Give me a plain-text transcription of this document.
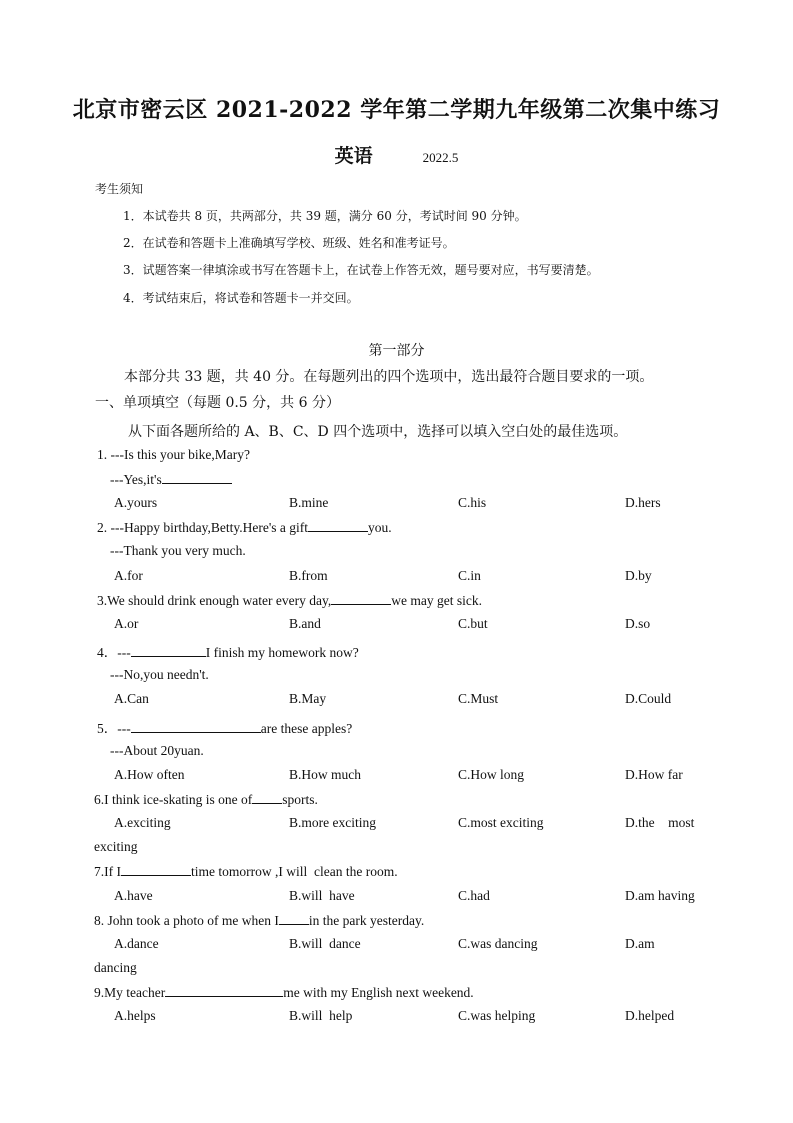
北京市密云区 2021-2022 学年第二学期九年级第二次集中练习
英语	2022.5
考生须知
1．本试卷共 8 页，共两部分，共 39 题，满分 60 分，考试时间 90 分钟。
2．在试卷和答题卡上准确填写学校、班级、姓名和准考证号。
3．试题答案一律填涂或书写在答题卡上，在试卷上作答无效，题号要对应，书写要清楚。
4．考试结束后，将试卷和答题卡一并交回。
第一部分
本部分共 33 题，共 40 分。在每题列出的四个选项中，选出最符合题目要求的一项。
一、单项填空（每题 0.5 分，共 6 分）
从下面各题所给的 A、B、C、D 四个选项中，选择可以填入空白处的最佳选项。
1. ---Is this your bike,Mary?
---Yes,it's
A.yours	B.mine	C.his	D.hers
2. ---Happy birthday,Betty.Here's a gift	you.
---Thank you very much.
A.for	B.from	C.in	D.by
3.We should drink enough water every day,	we may get sick.
A.or	B.and	C.but	D.so
4．---	I finish my homework now?
---No,you needn't.
A.Can	B.May	C.Must	D.Could
5．---	are these apples?
---About 20yuan.
A.How often	B.How much	C.How long	D.How far
6.I think ice-skating is one of sports.
A.exciting	B.more exciting	C.most exciting	D.the    most
exciting
7.If I	time tomorrow ,I will  clean the room.
A.have	B.will  have	C.had	D.am having
8. John took a photo of me when I in the park yesterday.
A.dance	B.will  dance	C.was dancing	D.am
dancing
9.My teacher	me with my English next weekend.
A.helps	B.will  help	C.was helping	D.helped
